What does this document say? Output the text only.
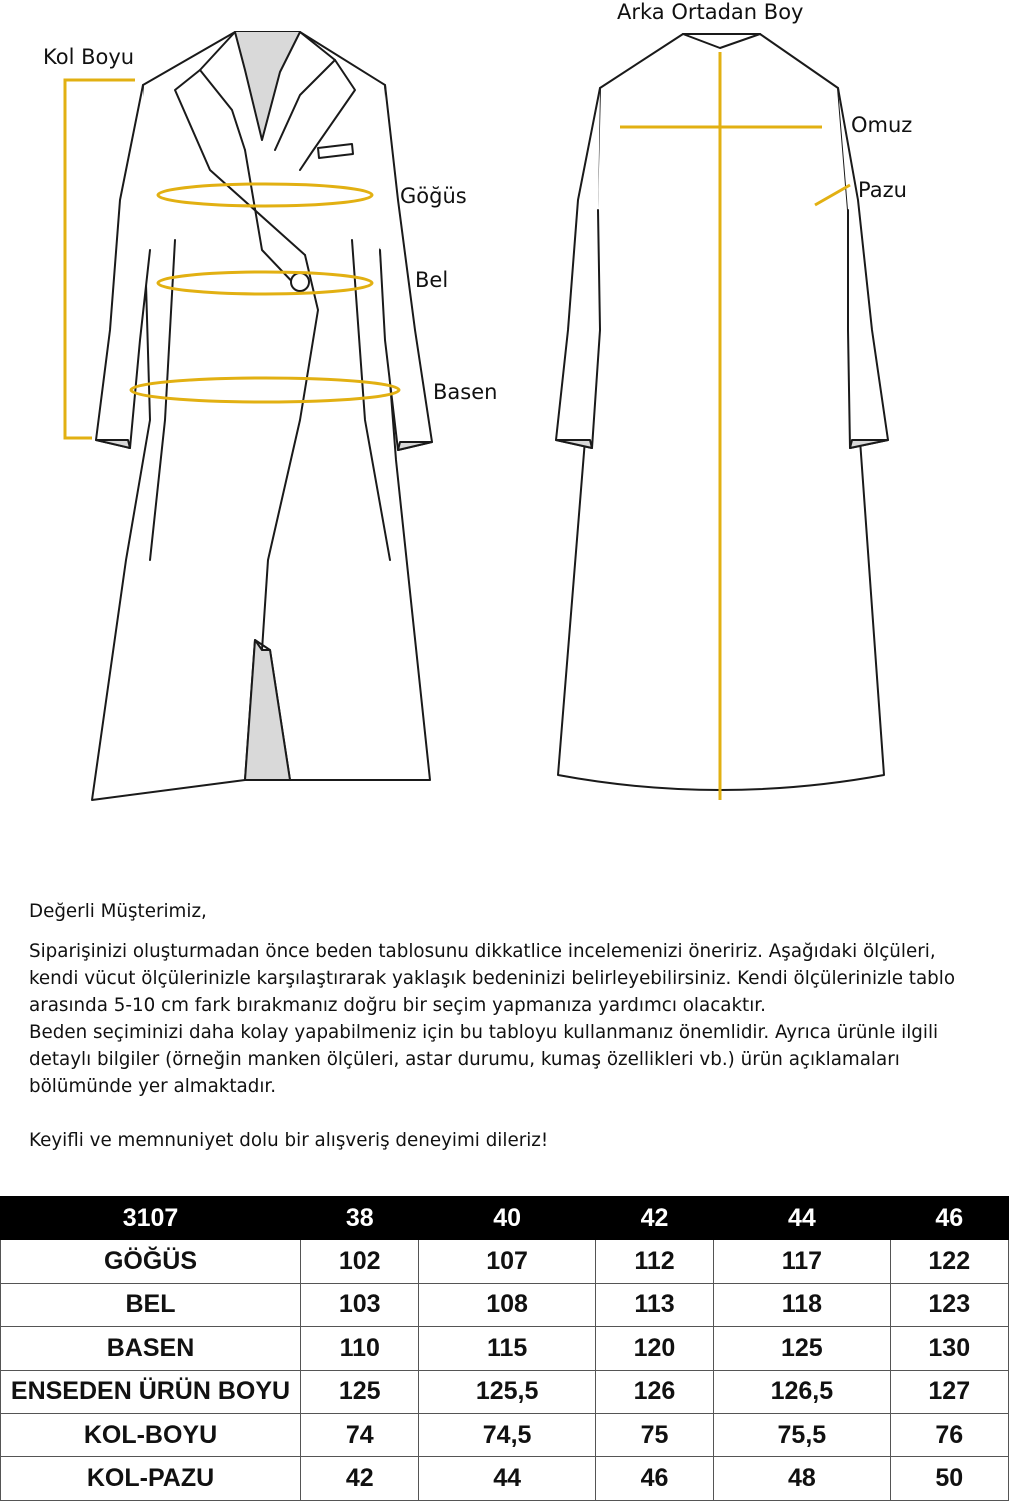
Kol Boyu
Göğüs
Bel
Basen
Arka Ortadan Boy
Omuz
Pazu

Değerli Müşterimiz,

Siparişinizi oluşturmadan önce beden tablosunu dikkatlice incelemenizi öneririz. Aşağıdaki ölçüleri, kendi vücut ölçülerinizle karşılaştırarak yaklaşık bedeninizi belirleyebilirsiniz. Kendi ölçülerinizle tablo arasında 5-10 cm fark bırakmanız doğru bir seçim yapmanıza yardımcı olacaktır.

Beden seçiminizi daha kolay yapabilmeniz için bu tabloyu kullanmanız önemlidir. Ayrıca ürünle ilgili detaylı bilgiler (örneğin manken ölçüleri, astar durumu, kumaş özellikleri vb.) ürün açıklamaları bölümünde yer almaktadır.

Keyifli ve memnuniyet dolu bir alışveriş deneyimi dileriz!

3107	38	40	42	44	46
GÖĞÜS	102	107	112	117	122
BEL	103	108	113	118	123
BASEN	110	115	120	125	130
ENSEDEN ÜRÜN BOYU	125	125,5	126	126,5	127
KOL-BOYU	74	74,5	75	75,5	76
KOL-PAZU	42	44	46	48	50
